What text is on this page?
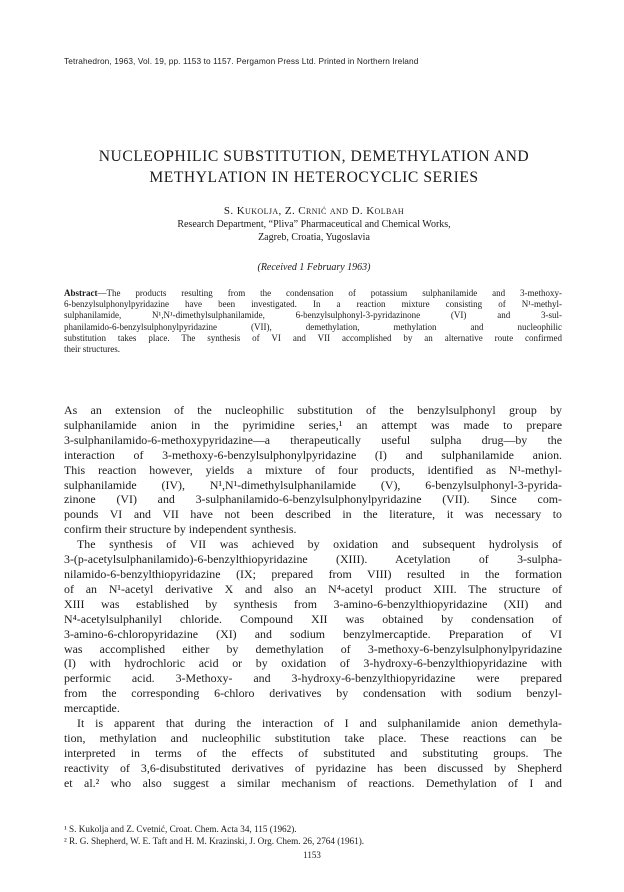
Tetrahedron, 1963, Vol. 19, pp. 1153 to 1157. Pergamon Press Ltd. Printed in Northern Ireland
NUCLEOPHILIC SUBSTITUTION, DEMETHYLATION AND
METHYLATION IN HETEROCYCLIC SERIES
S. Kukolja, Z. Crnić and D. Kolbah
Research Department, “Pliva” Pharmaceutical and Chemical Works,
Zagreb, Croatia, Yugoslavia
(Received 1 February 1963)
Abstract—The products resulting from the condensation of potassium sulphanilamide and 3-methoxy-
6-benzylsulphonylpyridazine have been investigated. In a reaction mixture consisting of N¹-methyl-
sulphanilamide, N¹,N¹-dimethylsulphanilamide, 6-benzylsulphonyl-3-pyridazinone (VI) and 3-sul-
phanilamido-6-benzylsulphonylpyridazine (VII), demethylation, methylation and nucleophilic
substitution takes place. The synthesis of VI and VII accomplished by an alternative route confirmed
their structures.
As an extension of the nucleophilic substitution of the benzylsulphonyl group by
sulphanilamide anion in the pyrimidine series,¹ an attempt was made to prepare
3-sulphanilamido-6-methoxypyridazine—a therapeutically useful sulpha drug—by the
interaction of 3-methoxy-6-benzylsulphonylpyridazine (I) and sulphanilamide anion.
This reaction however, yields a mixture of four products, identified as N¹-methyl-
sulphanilamide (IV), N¹,N¹-dimethylsulphanilamide (V), 6-benzylsulphonyl-3-pyrida-
zinone (VI) and 3-sulphanilamido-6-benzylsulphonylpyridazine (VII). Since com-
pounds VI and VII have not been described in the literature, it was necessary to
confirm their structure by independent synthesis.
The synthesis of VII was achieved by oxidation and subsequent hydrolysis of
3-(p-acetylsulphanilamido)-6-benzylthiopyridazine (XIII). Acetylation of 3-sulpha-
nilamido-6-benzylthiopyridazine (IX; prepared from VIII) resulted in the formation
of an N¹-acetyl derivative X and also an N⁴-acetyl product XIII. The structure of
XIII was established by synthesis from 3-amino-6-benzylthiopyridazine (XII) and
N⁴-acetylsulphanilyl chloride. Compound XII was obtained by condensation of
3-amino-6-chloropyridazine (XI) and sodium benzylmercaptide. Preparation of VI
was accomplished either by demethylation of 3-methoxy-6-benzylsulphonylpyridazine
(I) with hydrochloric acid or by oxidation of 3-hydroxy-6-benzylthiopyridazine with
performic acid. 3-Methoxy- and 3-hydroxy-6-benzylthiopyridazine were prepared
from the corresponding 6-chloro derivatives by condensation with sodium benzyl-
mercaptide.
It is apparent that during the interaction of I and sulphanilamide anion demethyla-
tion, methylation and nucleophilic substitution take place. These reactions can be
interpreted in terms of the effects of substituted and substituting groups. The
reactivity of 3,6-disubstituted derivatives of pyridazine has been discussed by Shepherd
et al.² who also suggest a similar mechanism of reactions. Demethylation of I and
¹ S. Kukolja and Z. Cvetnić, Croat. Chem. Acta 34, 115 (1962).
² R. G. Shepherd, W. E. Taft and H. M. Krazinski, J. Org. Chem. 26, 2764 (1961).
1153
